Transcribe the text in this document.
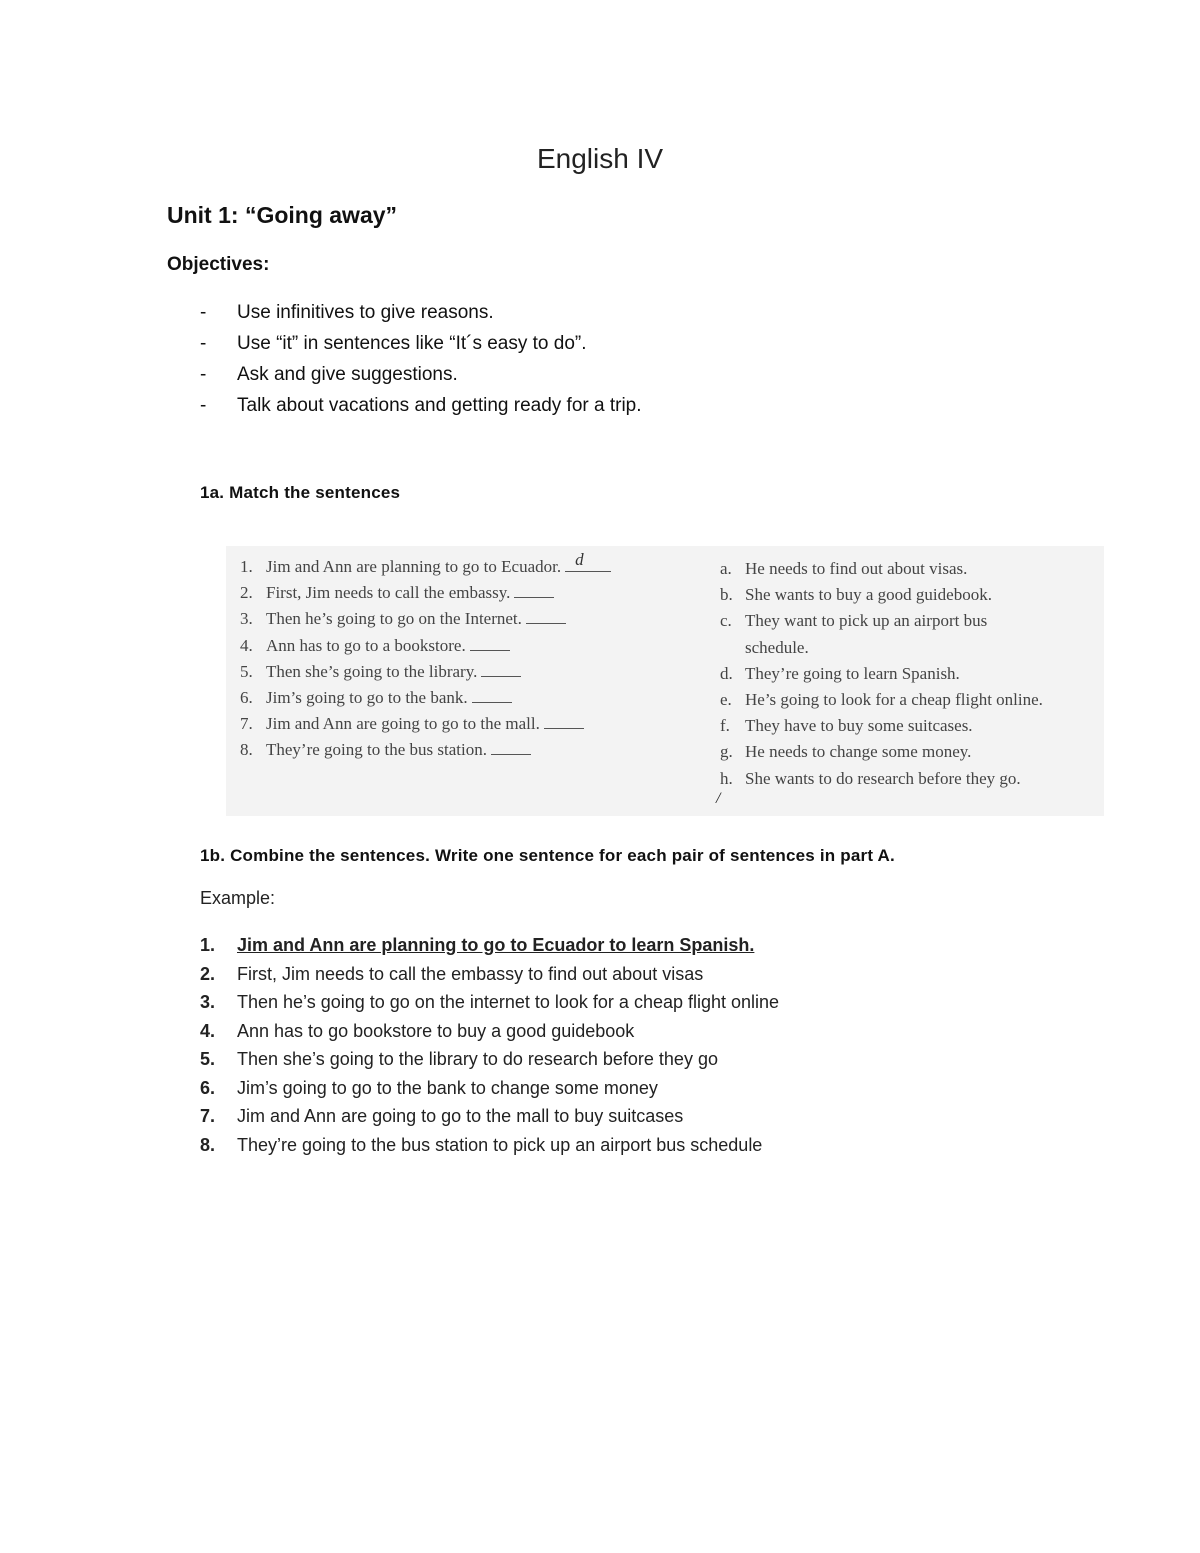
English IV
Unit 1: “Going away”
Objectives:
- Use infinitives to give reasons.
- Use “it” in sentences like “It´s easy to do”.
- Ask and give suggestions.
- Talk about vacations and getting ready for a trip.
1a. Match the sentences
1. Jim and Ann are planning to go to Ecuador. d
2. First, Jim needs to call the embassy.
3. Then he’s going to go on the Internet.
4. Ann has to go to a bookstore.
5. Then she’s going to the library.
6. Jim’s going to go to the bank.
7. Jim and Ann are going to go to the mall.
8. They’re going to the bus station.
a. He needs to find out about visas.
b. She wants to buy a good guidebook.
c. They want to pick up an airport bus
schedule.
d. They’re going to learn Spanish.
e. He’s going to look for a cheap flight online.
f. They have to buy some suitcases.
g. He needs to change some money.
h. She wants to do research before they go.
/
1b. Combine the sentences. Write one sentence for each pair of sentences in part A.
Example:
1. Jim and Ann are planning to go to Ecuador to learn Spanish.
2. First, Jim needs to call the embassy to find out about visas
3. Then he’s going to go on the internet to look for a cheap flight online
4. Ann has to go bookstore to buy a good guidebook
5. Then she’s going to the library to do research before they go
6. Jim’s going to go to the bank to change some money
7. Jim and Ann are going to go to the mall to buy suitcases
8. They’re going to the bus station to pick up an airport bus schedule
